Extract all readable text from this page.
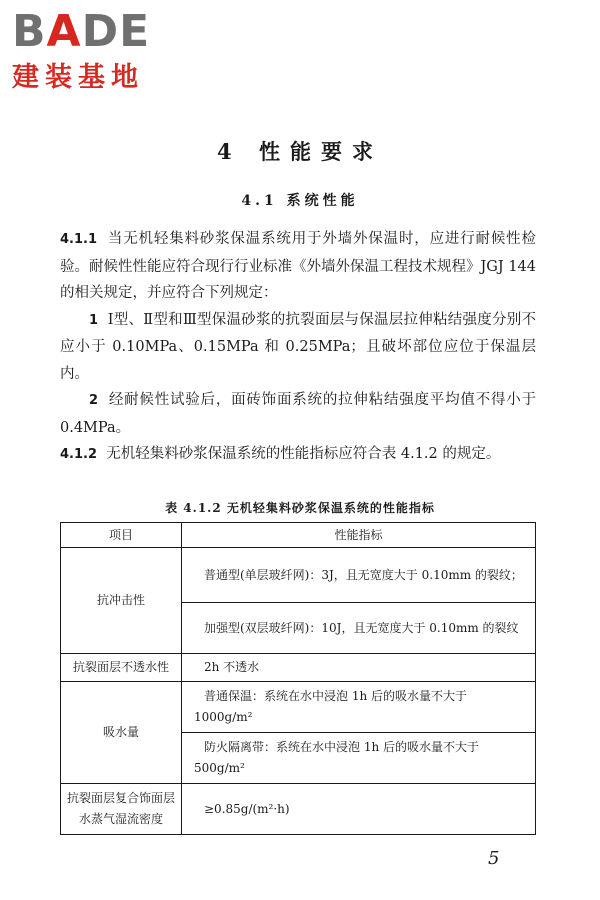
BADE
建装基地
4 性能要求
4.1 系统性能

4.1.1 当无机轻集料砂浆保温系统用于外墙外保温时，应进行耐候性检验。耐候性性能应符合现行行业标准《外墙外保温工程技术规程》JGJ 144 的相关规定，并应符合下列规定：

1 Ⅰ型、Ⅱ型和Ⅲ型保温砂浆的抗裂面层与保温层拉伸粘结强度分别不应小于 0.10MPa、0.15MPa 和 0.25MPa；且破坏部位应位于保温层内。

2 经耐候性试验后，面砖饰面系统的拉伸粘结强度平均值不得小于 0.4MPa。

4.1.2 无机轻集料砂浆保温系统的性能指标应符合表 4.1.2 的规定。

表 4.1.2 无机轻集料砂浆保温系统的性能指标
项目	性能指标
抗冲击性	普通型(单层玻纤网)：3J，且无宽度大于 0.10mm 的裂纹；

	加强型(双层玻纤网)：10J，且无宽度大于 0.10mm 的裂纹

抗裂面层不透水性	2h 不透水

吸水量	普通保温：系统在水中浸泡 1h 后的吸水量不大于 1000g/m²

	防火隔离带：系统在水中浸泡 1h 后的吸水量不大于 500g/m²

抗裂面层复合饰面层水蒸气湿流密度	≥0.85g/(m²·h)
5
